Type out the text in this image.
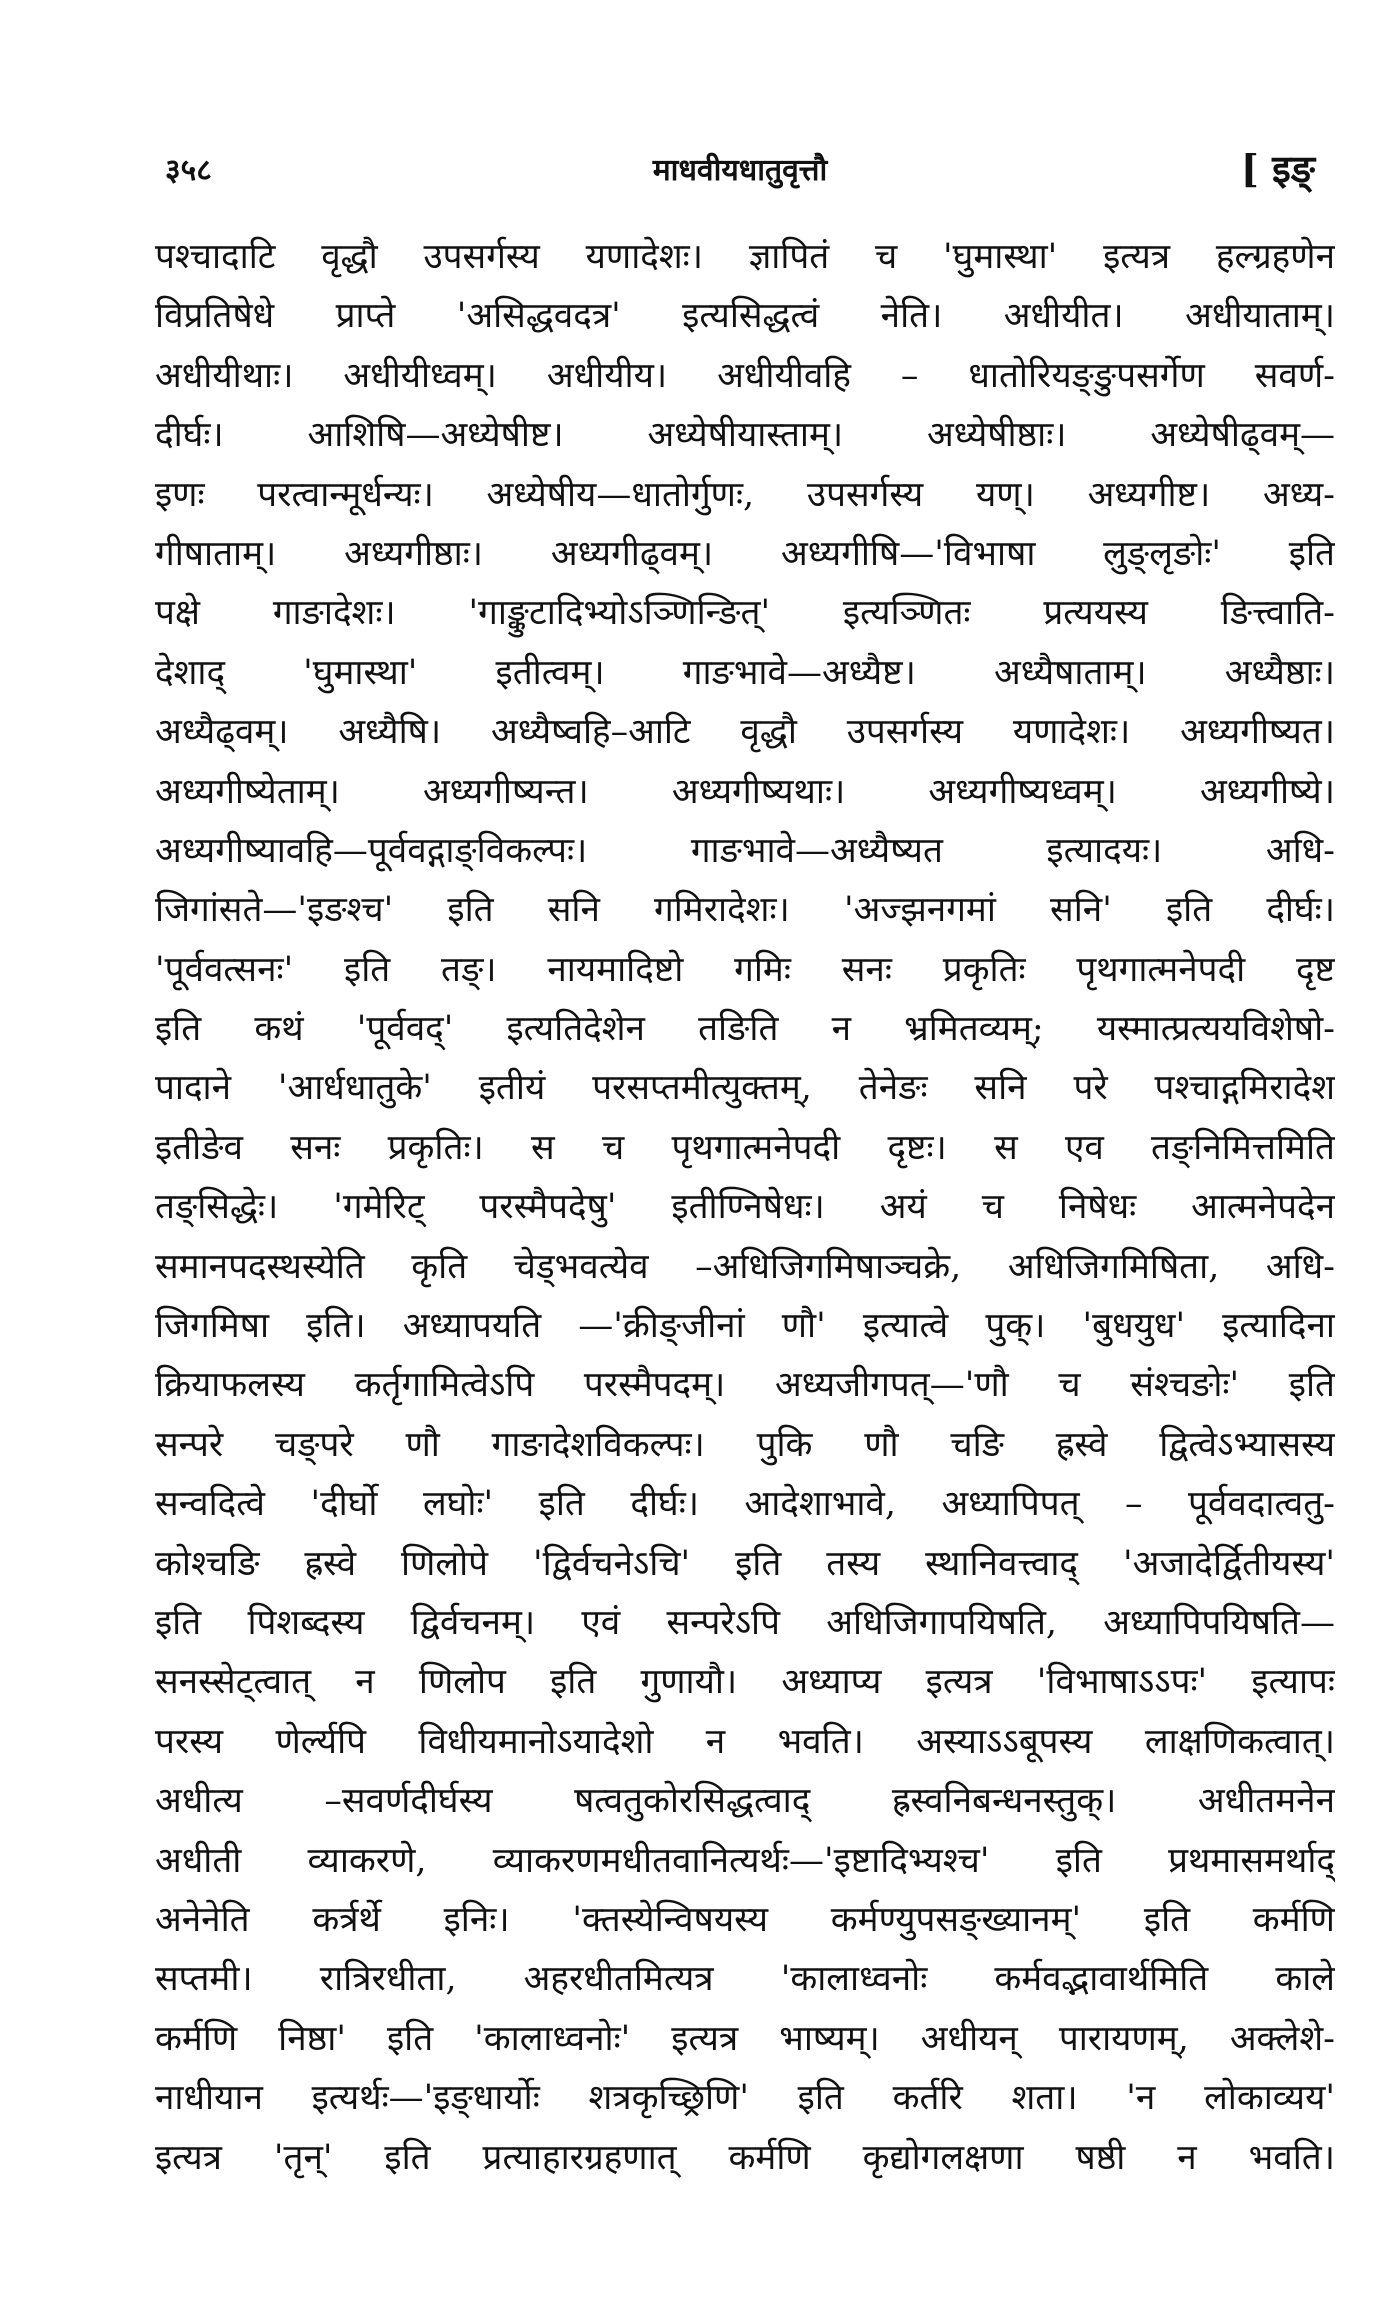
३५८	माधवीयधातुवृत्तौ	[ इङ्
पश्चादाटि वृद्धौ उपसर्गस्य यणादेशः। ज्ञापितं च 'घुमास्था' इत्यत्र हल्ग्रहणेन
विप्रतिषेधे प्राप्ते 'असिद्धवदत्र' इत्यसिद्धत्वं नेति। अधीयीत। अधीयाताम्।
अधीयीथाः। अधीयीध्वम्। अधीयीय। अधीयीवहि – धातोरियङ्ङुपसर्गेण सवर्ण-
दीर्घः। आशिषि—अध्येषीष्ट। अध्येषीयास्ताम्। अध्येषीष्ठाः। अध्येषीढ्वम्—
इणः परत्वान्मूर्धन्यः। अध्येषीय—धातोर्गुणः, उपसर्गस्य यण्। अध्यगीष्ट। अध्य-
गीषाताम्। अध्यगीष्ठाः। अध्यगीढ्वम्। अध्यगीषि—'विभाषा लुङ्लृङोः' इति
पक्षे गाङादेशः। 'गाङ्कुटादिभ्योऽञ्णिन्ङित्' इत्यञ्णितः प्रत्ययस्य ङित्त्वाति-
देशाद् 'घुमास्था' इतीत्वम्। गाङभावे—अध्यैष्ट। अध्यैषाताम्। अध्यैष्ठाः।
अध्यैढ्वम्। अध्यैषि। अध्यैष्वहि–आटि वृद्धौ उपसर्गस्य यणादेशः। अध्यगीष्यत।
अध्यगीष्येताम्। अध्यगीष्यन्त। अध्यगीष्यथाः। अध्यगीष्यध्वम्। अध्यगीष्ये।
अध्यगीष्यावहि—पूर्ववद्गाङ्विकल्पः। गाङभावे—अध्यैष्यत इत्यादयः। अधि-
जिगांसते—'इङश्च' इति सनि गमिरादेशः। 'अज्झनगमां सनि' इति दीर्घः।
'पूर्ववत्सनः' इति तङ्। नायमादिष्टो गमिः सनः प्रकृतिः पृथगात्मनेपदी दृष्ट
इति कथं 'पूर्ववद्' इत्यतिदेशेन तङिति न भ्रमितव्यम्; यस्मात्प्रत्ययविशेषो-
पादाने 'आर्धधातुके' इतीयं परसप्तमीत्युक्तम्, तेनेङः सनि परे पश्चाद्गमिरादेश
इतीङेव सनः प्रकृतिः। स च पृथगात्मनेपदी दृष्टः। स एव तङ्निमित्तमिति
तङ्सिद्धेः। 'गमेरिट् परस्मैपदेषु' इतीण्निषेधः। अयं च निषेधः आत्मनेपदेन
समानपदस्थस्येति कृति चेड्भवत्येव –अधिजिगमिषाञ्चक्रे, अधिजिगमिषिता, अधि-
जिगमिषा इति। अध्यापयति —'क्रीङ्जीनां णौ' इत्यात्वे पुक्। 'बुधयुध' इत्यादिना
क्रियाफलस्य कर्तृगामित्वेऽपि परस्मैपदम्। अध्यजीगपत्—'णौ च संश्चङोः' इति
सन्परे चङ्परे णौ गाङादेशविकल्पः। पुकि णौ चङि ह्रस्वे द्वित्वेऽभ्यासस्य
सन्वदित्वे 'दीर्घो लघोः' इति दीर्घः। आदेशाभावे, अध्यापिपत् – पूर्ववदात्वतु-
कोश्चङि ह्रस्वे णिलोपे 'द्विर्वचनेऽचि' इति तस्य स्थानिवत्त्वाद् 'अजादेर्द्वितीयस्य'
इति पिशब्दस्य द्विर्वचनम्। एवं सन्परेऽपि अधिजिगापयिषति, अध्यापिपयिषति—
सनस्सेट्त्वात् न णिलोप इति गुणायौ। अध्याप्य इत्यत्र 'विभाषाऽऽपः' इत्यापः
परस्य णेर्ल्यपि विधीयमानोऽयादेशो न भवति। अस्याऽऽबूपस्य लाक्षणिकत्वात्।
अधीत्य –सवर्णदीर्घस्य षत्वतुकोरसिद्धत्वाद् ह्रस्वनिबन्धनस्तुक्। अधीतमनेन
अधीती व्याकरणे, व्याकरणमधीतवानित्यर्थः—'इष्टादिभ्यश्च' इति प्रथमासमर्थाद्
अनेनेति कर्त्रर्थे इनिः। 'क्तस्येन्विषयस्य कर्मण्युपसङ्ख्यानम्' इति कर्मणि
सप्तमी। रात्रिरधीता, अहरधीतमित्यत्र 'कालाध्वनोः कर्मवद्भावार्थमिति काले
कर्मणि निष्ठा' इति 'कालाध्वनोः' इत्यत्र भाष्यम्। अधीयन् पारायणम्, अक्लेशे-
नाधीयान इत्यर्थः—'इङ्धार्योः शत्रकृच्छ्रिणि' इति कर्तरि शता। 'न लोकाव्यय'
इत्यत्र 'तृन्' इति प्रत्याहारग्रहणात् कर्मणि कृद्योगलक्षणा षष्ठी न भवति।
